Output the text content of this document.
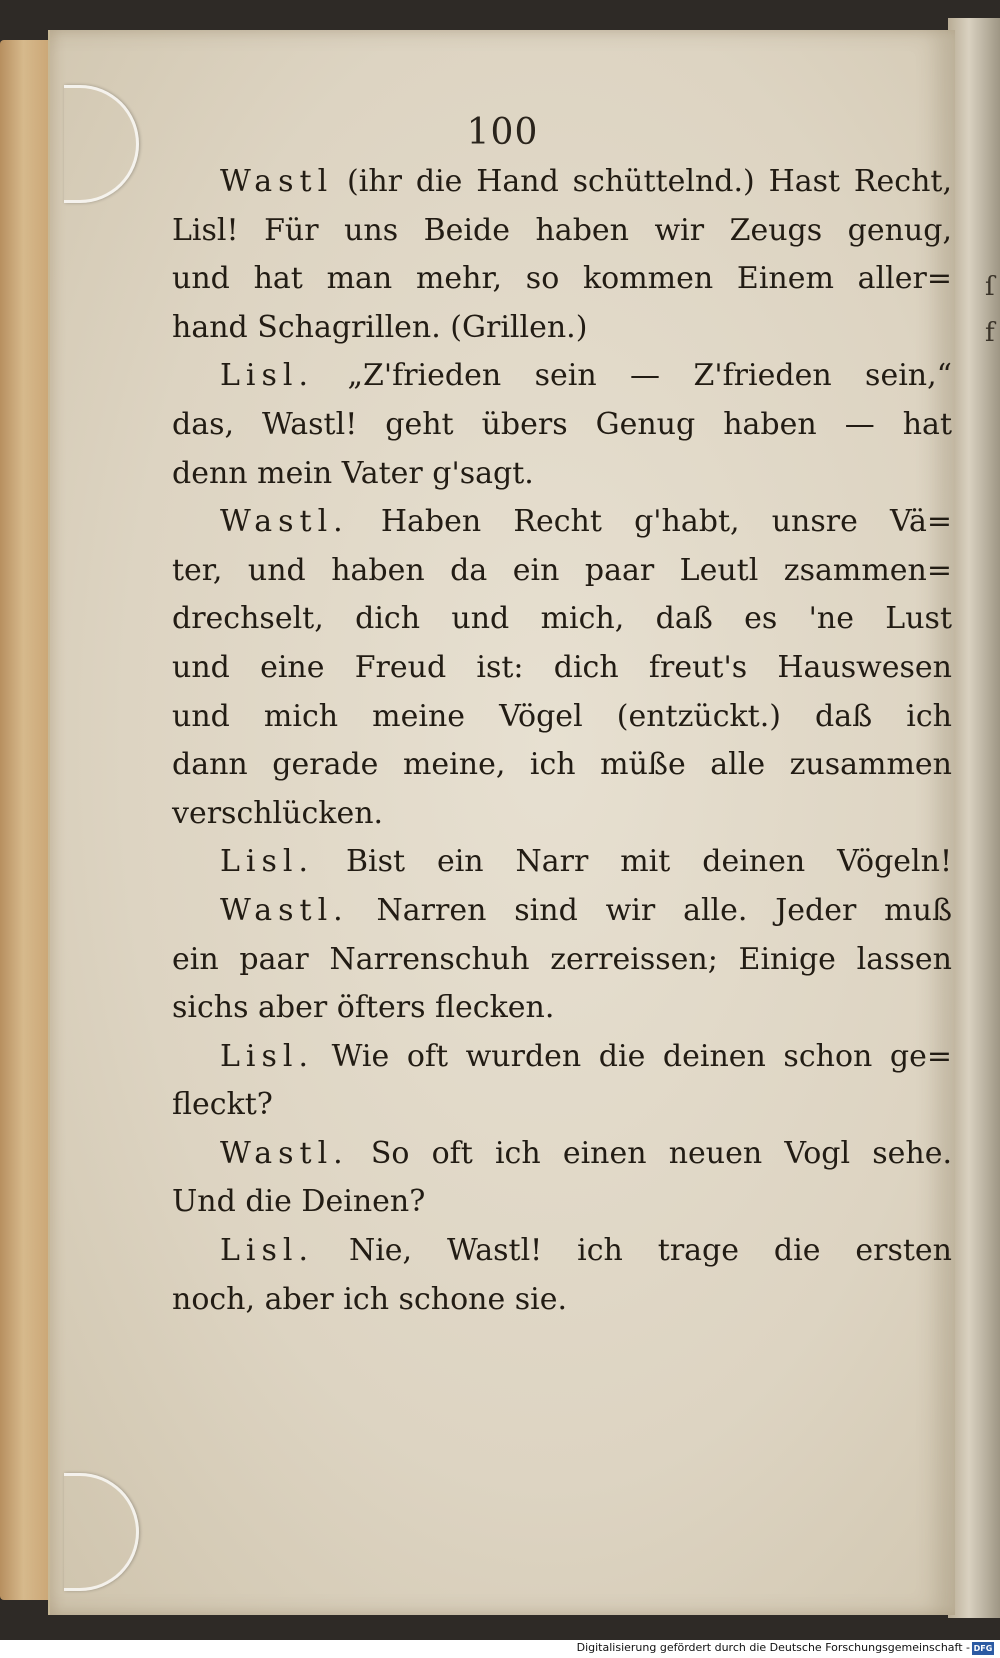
100
Wastl (ihr die Hand schüttelnd.) Hast Recht,
Lisl! Für uns Beide haben wir Zeugs genug,
und hat man mehr, so kommen Einem aller=
hand Schagrillen. (Grillen.)
Lisl. „Z'frieden sein — Z'frieden sein,“
das, Wastl! geht übers Genug haben — hat
denn mein Vater g'sagt.
Wastl. Haben Recht g'habt, unsre Vä=
ter, und haben da ein paar Leutl zsammen=
drechselt, dich und mich, daß es 'ne Lust
und eine Freud ist: dich freut's Hauswesen
und mich meine Vögel (entzückt.) daß ich
dann gerade meine, ich müße alle zusammen
verschlücken.
Lisl. Bist ein Narr mit deinen Vögeln!
Wastl. Narren sind wir alle. Jeder muß
ein paar Narrenschuh zerreissen; Einige lassen
sichs aber öfters flecken.
Lisl. Wie oft wurden die deinen schon ge=
fleckt?
Wastl. So oft ich einen neuen Vogl sehe.
Und die Deinen?
Lisl. Nie, Wastl! ich trage die ersten
noch, aber ich schone sie.
ſ
f
Digitalisierung gefördert durch die Deutsche Forschungsgemeinschaft - DFG
